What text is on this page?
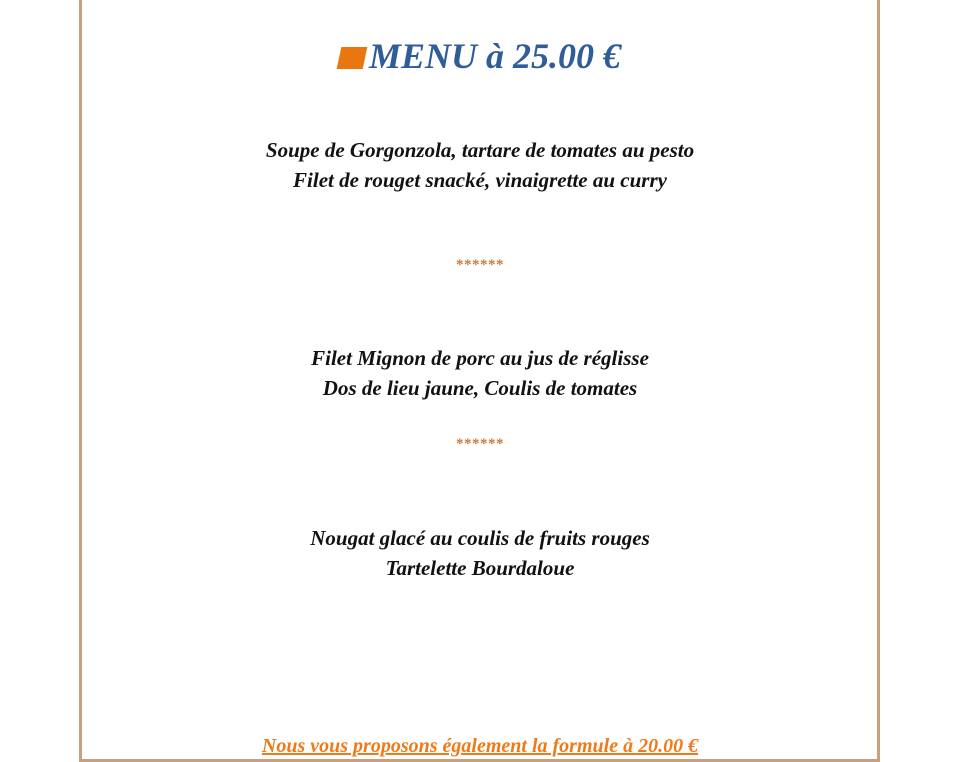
MENU à 25.00 €
Soupe de Gorgonzola, tartare de tomates au pesto
Filet de rouget snacké, vinaigrette au curry
******
Filet Mignon de porc au jus de réglisse
Dos de lieu jaune, Coulis de tomates
******
Nougat glacé au coulis de fruits rouges
Tartelette Bourdaloue
Nous vous proposons également la formule à 20.00 €
